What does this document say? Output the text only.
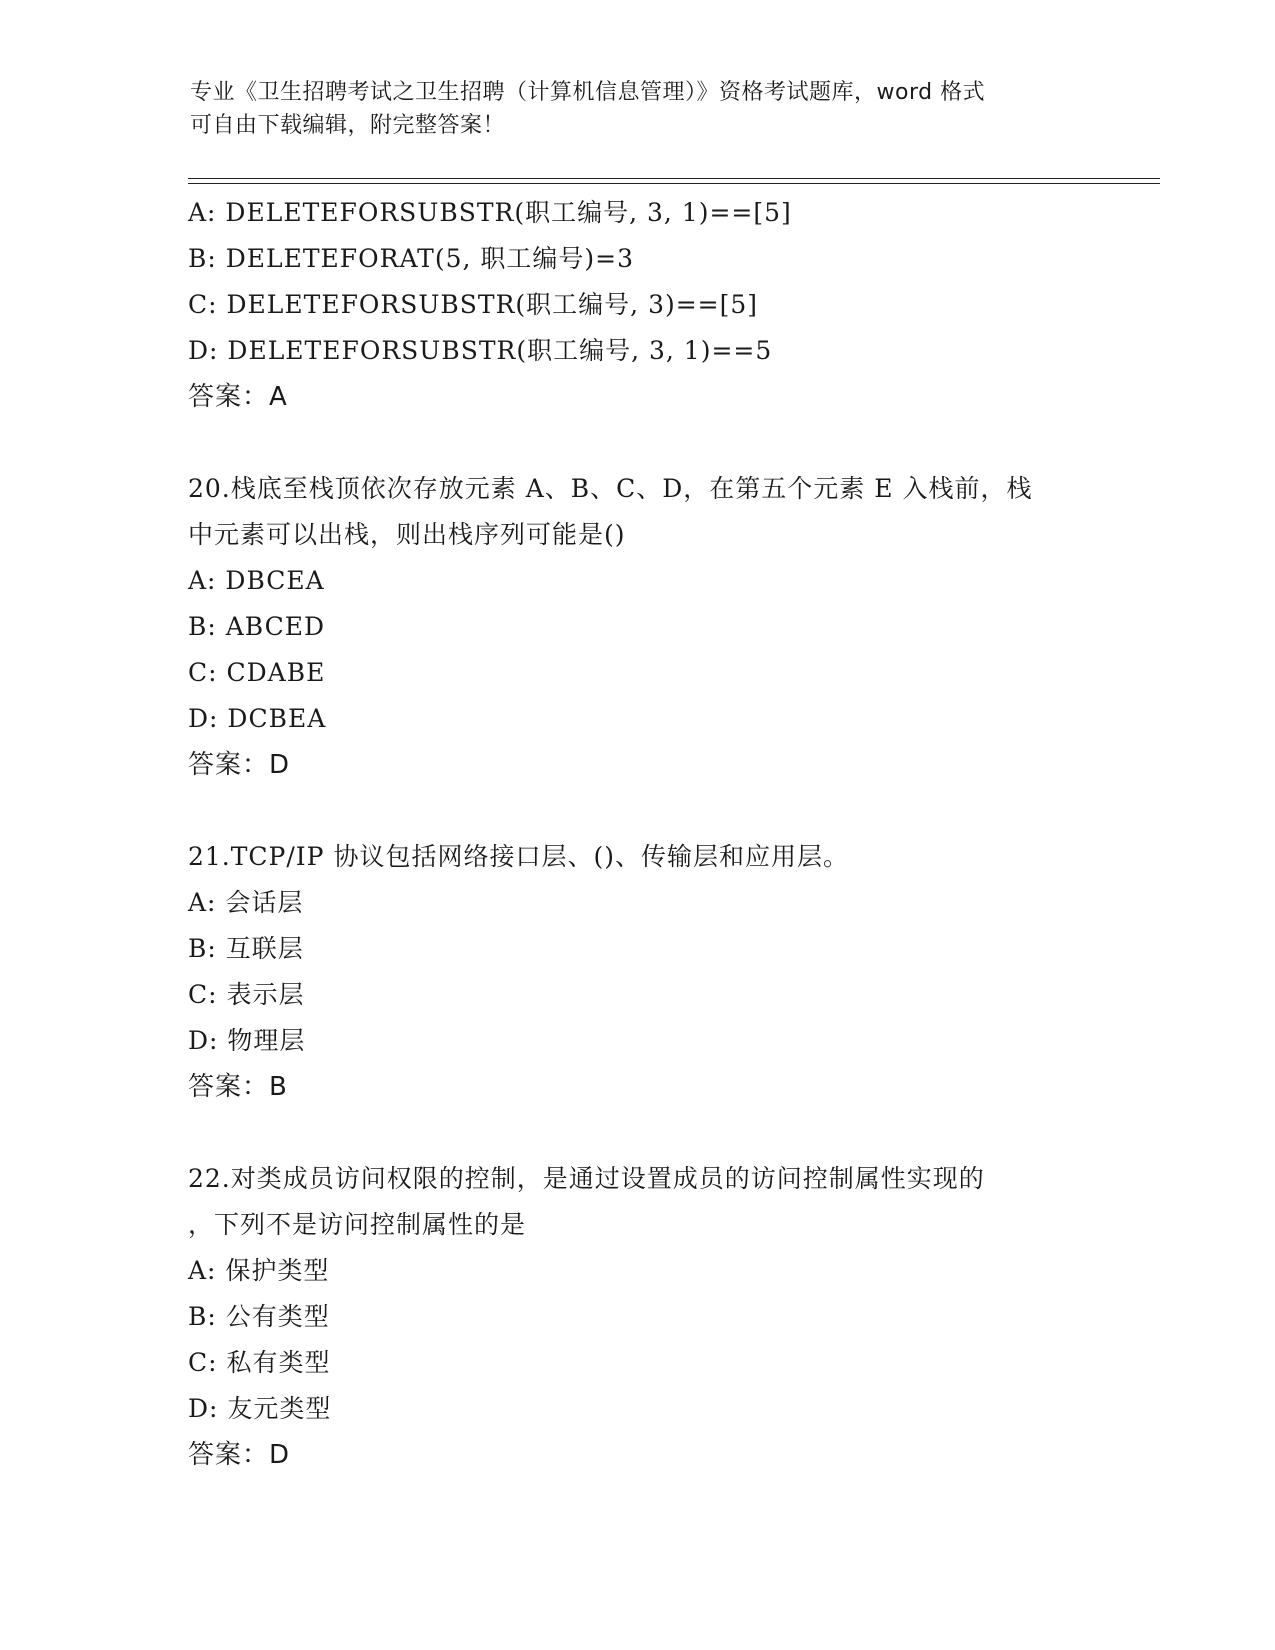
专业《卫生招聘考试之卫生招聘（计算机信息管理）》资格考试题库，word 格式
可自由下载编辑，附完整答案！
A: DELETEFORSUBSTR(职工编号, 3, 1)==[5]
B: DELETEFORAT(5, 职工编号)=3
C: DELETEFORSUBSTR(职工编号, 3)==[5]
D: DELETEFORSUBSTR(职工编号, 3, 1)==5
答案：A
20.栈底至栈顶依次存放元素 A、B、C、D，在第五个元素 E 入栈前，栈
中元素可以出栈，则出栈序列可能是()
A: DBCEA
B: ABCED
C: CDABE
D: DCBEA
答案：D
21.TCP/IP 协议包括网络接口层、()、传输层和应用层。
A: 会话层
B: 互联层
C: 表示层
D: 物理层
答案：B
22.对类成员访问权限的控制，是通过设置成员的访问控制属性实现的
，下列不是访问控制属性的是
A: 保护类型
B: 公有类型
C: 私有类型
D: 友元类型
答案：D
